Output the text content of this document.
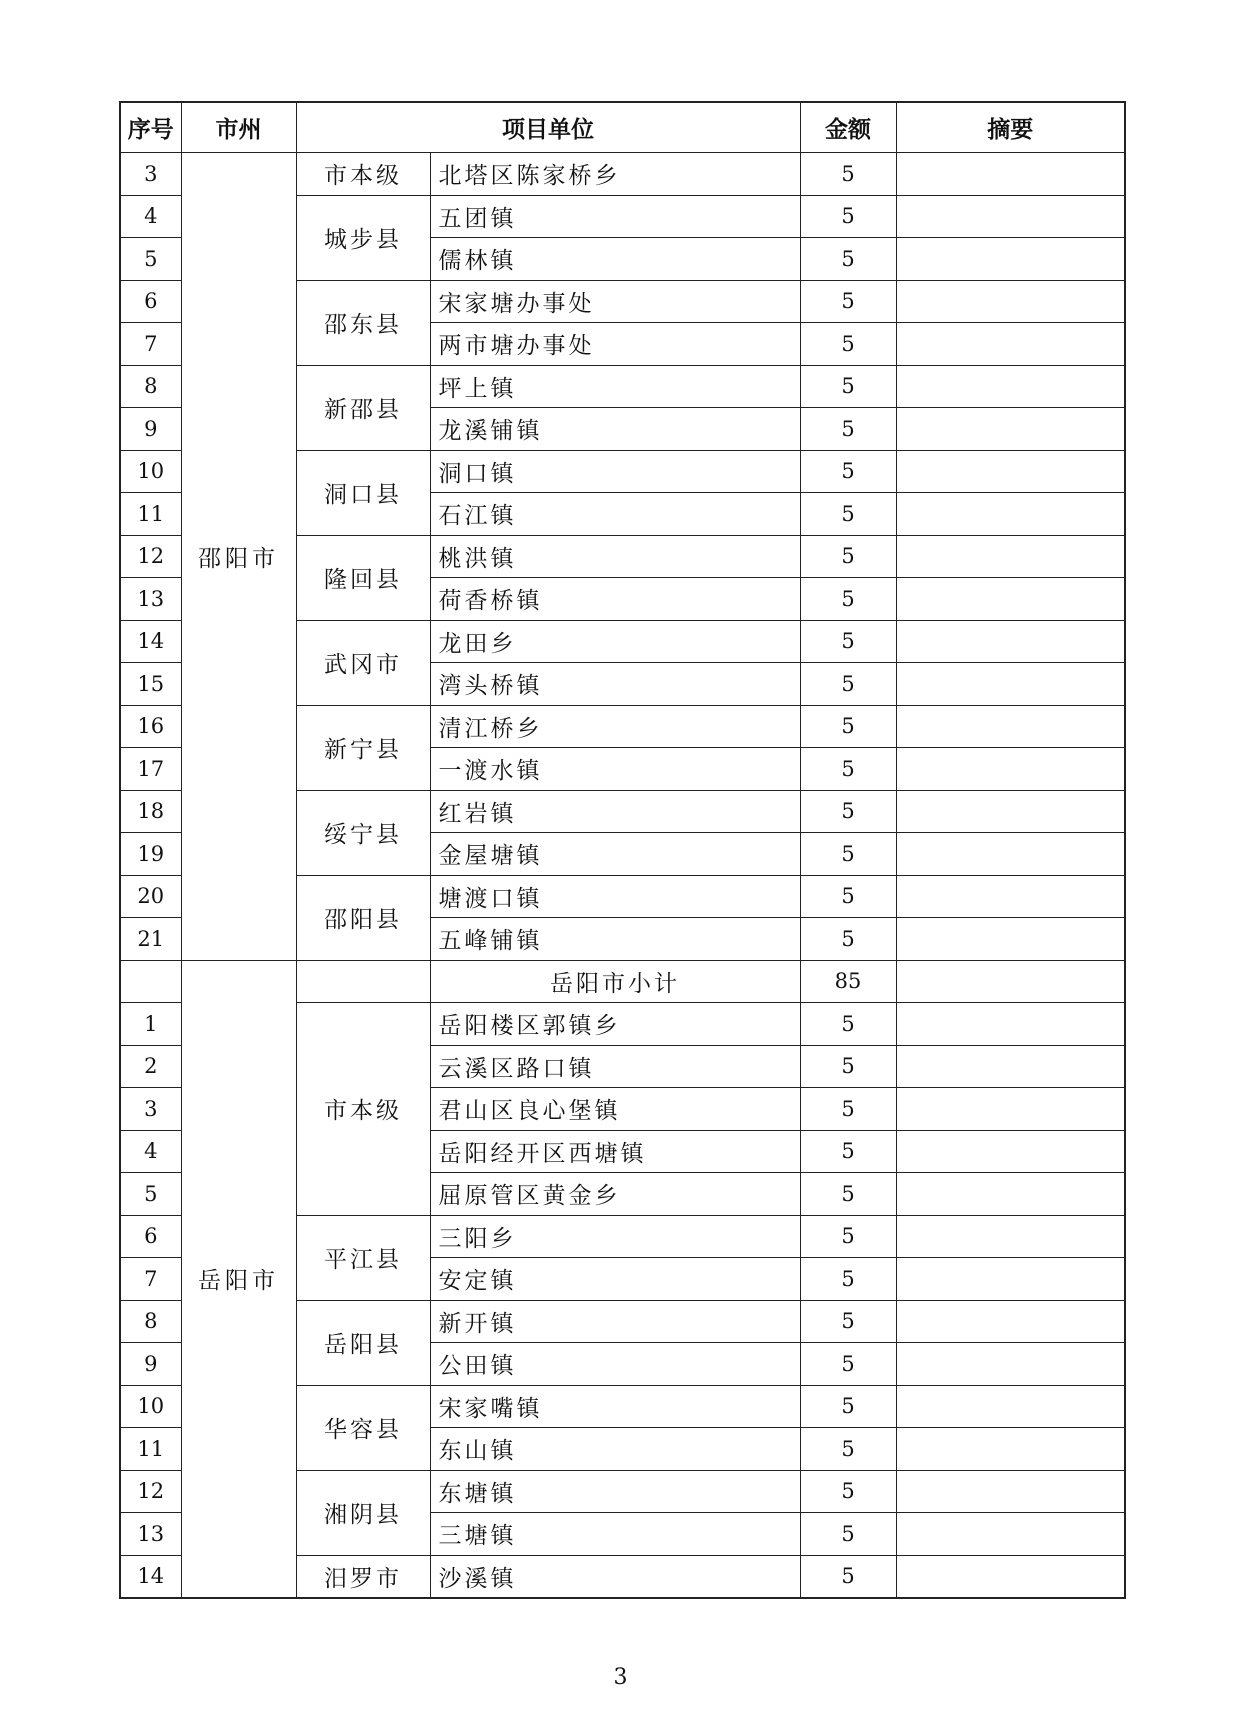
序号	市州	项目单位		金额	摘要
3	邵阳市	市本级	北塔区陈家桥乡	5	
4		城步县	五团镇	5	
5			儒林镇	5	
6		邵东县	宋家塘办事处	5	
7			两市塘办事处	5	
8		新邵县	坪上镇	5	
9			龙溪铺镇	5	
10		洞口县	洞口镇	5	
11			石江镇	5	
12		隆回县	桃洪镇	5	
13			荷香桥镇	5	
14		武冈市	龙田乡	5	
15			湾头桥镇	5	
16		新宁县	清江桥乡	5	
17			一渡水镇	5	
18		绥宁县	红岩镇	5	
19			金屋塘镇	5	
20		邵阳县	塘渡口镇	5	
21			五峰铺镇	5	
	岳阳市		岳阳市小计	85	
1		市本级	岳阳楼区郭镇乡	5	
2			云溪区路口镇	5	
3			君山区良心堡镇	5	
4			岳阳经开区西塘镇	5	
5			屈原管区黄金乡	5	
6		平江县	三阳乡	5	
7			安定镇	5	
8		岳阳县	新开镇	5	
9			公田镇	5	
10		华容县	宋家嘴镇	5	
11			东山镇	5	
12		湘阴县	东塘镇	5	
13			三塘镇	5	
14		汨罗市	沙溪镇	5	
3
